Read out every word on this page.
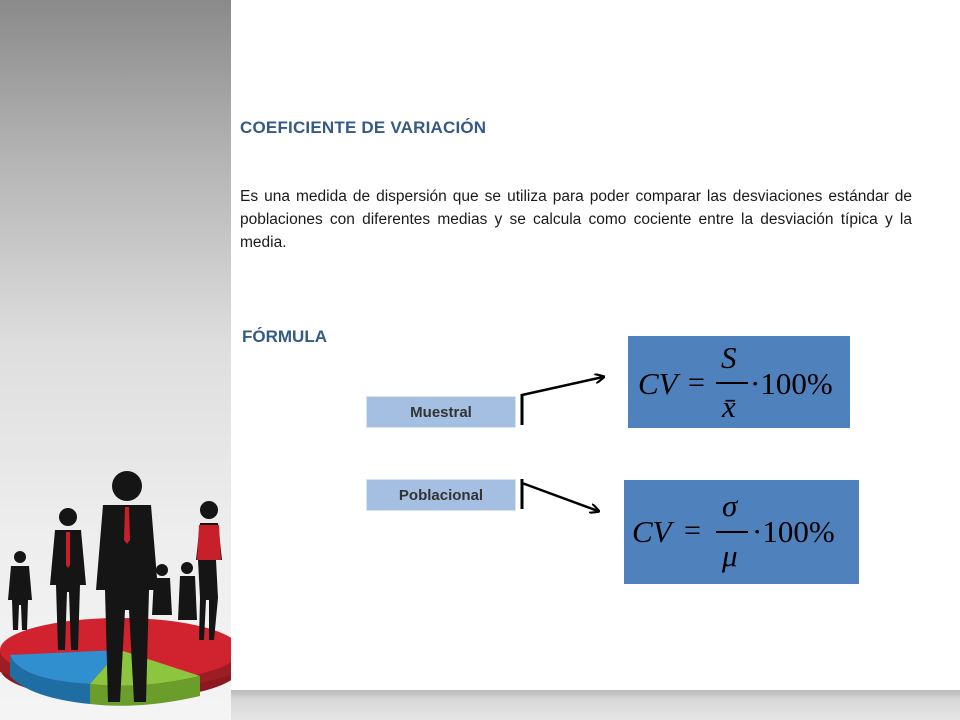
COEFICIENTE DE VARIACIÓN

Es una medida de dispersión que se utiliza para poder comparar las desviaciones estándar de poblaciones con diferentes medias y se calcula como cociente entre la desviación típica y la media.

FÓRMULA
Muestral
Poblacional
CV =
S
x̄
·100%
CV =
σ
μ
·100%
